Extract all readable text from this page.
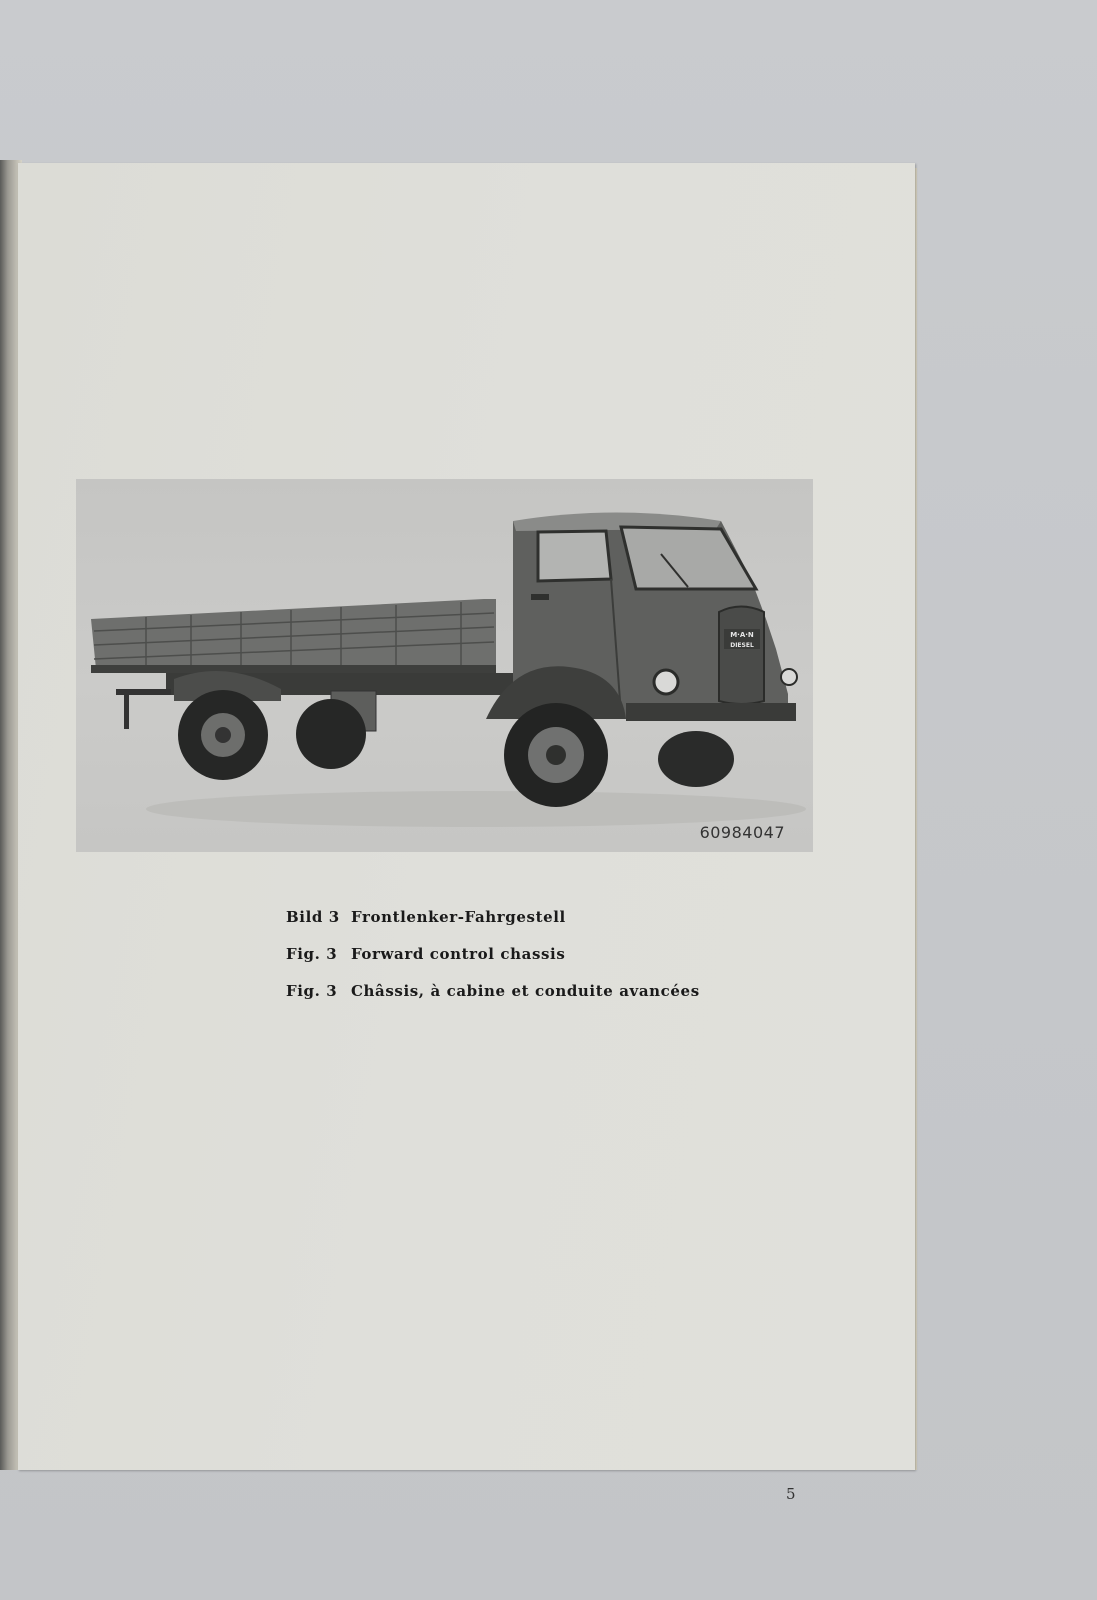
M·A·N
DIESEL
60984047
Bild 3 Frontlenker-Fahrgestell
Fig. 3 Forward control chassis
Fig. 3 Châssis, à cabine et conduite avancées
5
